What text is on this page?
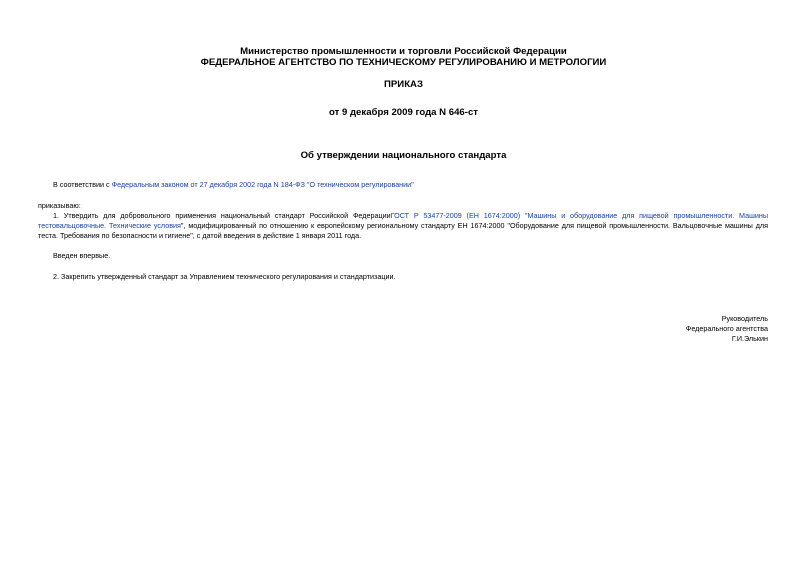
Министерство промышленности и торговли Российской Федерации
ФЕДЕРАЛЬНОЕ АГЕНТСТВО ПО ТЕХНИЧЕСКОМУ РЕГУЛИРОВАНИЮ И МЕТРОЛОГИИ
ПРИКАЗ
от 9 декабря 2009 года N 646-ст
Об утверждении национального стандарта
В соответствии с Федеральным законом от 27 декабря 2002 года N 184-ФЗ "О техническом регулировании"
приказываю:
1. Утвердить для добровольного применения национальный стандарт Российской ФедерацииГОСТ Р 53477-2009 (ЕН 1674:2000) "Машины и оборудование для пищевой промышленности. Машины тестовальцовочные. Технические условия", модифицированный по отношению к европейскому региональному стандарту ЕН 1674:2000 "Оборудование для пищевой промышленности. Вальцовочные машины для теста. Требования по безопасности и гигиене", с датой введения в действие 1 января 2011 года.
Введен впервые.
2. Закрепить утвержденный стандарт за Управлением технического регулирования и стандартизации.
Руководитель
Федерального агентства
Г.И.Элькин
